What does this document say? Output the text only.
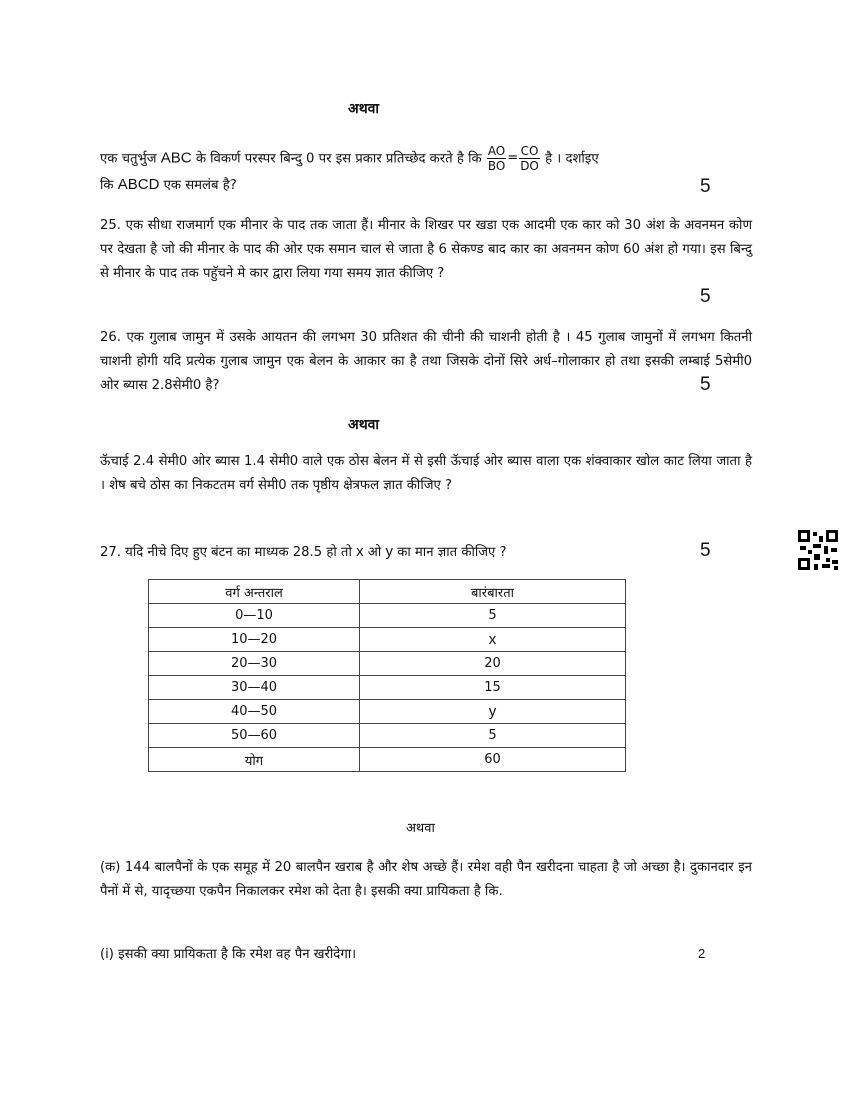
अथवा
एक चतुर्भुज ABC के विकर्ण परस्पर बिन्दु 0 पर इस प्रकार प्रतिच्छेद करते है कि $\frac{AO}{BO} = \frac{CO}{DO}$ है । दर्शाइए
कि ABCD एक समलंब है?	5
25. एक सीधा राजमार्ग एक मीनार के पाद तक जाता हैं। मीनार के शिखर पर खडा एक आदमी एक कार को 30 अंश के अवनमन कोण पर देखता है जो की मीनार के पाद की ओर एक समान चाल से जाता है 6 सेकण्ड बाद कार का अवनमन कोण 60 अंश हो गया। इस बिन्दु से मीनार के पाद तक पहुॅचने मे कार द्वारा लिया गया समय ज्ञात कीजिए ?
5
26. एक गुलाब जामुन में उसके आयतन की लगभग 30 प्रतिशत की चीनी की चाशनी होती है । 45 गुलाब जामुनों में लगभग कितनी चाशनी होगी यदि प्रत्येक गुलाब जामुन एक बेलन के आकार का है तथा जिसके दोनों सिरे अर्ध–गोलाकार हो तथा इसकी लम्बाई 5सेमी0 ओर ब्यास 2.8सेमी0 है?	5
अथवा
ऊॅचाई 2.4 सेमी0 ओर ब्यास 1.4 सेमी0 वाले एक ठोस बेलन में से इसी ऊॅचाई ओर ब्यास वाला एक शंक्वाकार खोल काट लिया जाता है । शेष बचे ठोस का निकटतम वर्ग सेमी0 तक पृष्ठीय क्षेत्रफल ज्ञात कीजिए ?
27. यदि नीचे दिए हुए बंटन का माध्यक 28.5 हो तो x ओ y का मान ज्ञात कीजिए ?	5
वर्ग अन्तराल	बारंबारता
0—10	5
10—20	x
20—30	20
30—40	15
40—50	y
50—60	5
योग	60
अथवा
(क) 144 बालपैनों के एक समूह में 20 बालपैन खराब है और शेष अच्छे हैं। रमेश वही पैन खरीदना चाहता है जो अच्छा है। दुकानदार इन पैनों में से, यादृच्छया एकपैन निकालकर रमेश को देता है। इसकी क्या प्रायिकता है कि.
(i) इसकी क्या प्रायिकता है कि रमेश वह पैन खरीदेगा।	2
